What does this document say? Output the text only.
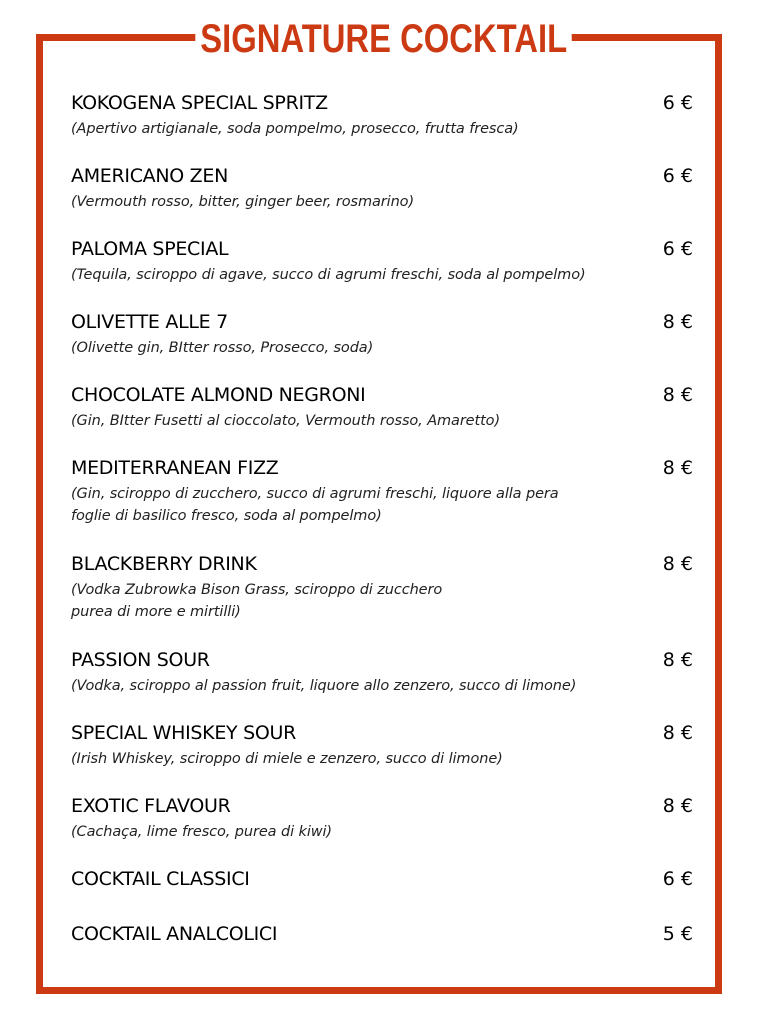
SIGNATURE COCKTAIL
KOKOGENA SPECIAL SPRITZ	6 €
(Apertivo artigianale, soda pompelmo, prosecco, frutta fresca)
AMERICANO ZEN	6 €
(Vermouth rosso, bitter, ginger beer, rosmarino)
PALOMA SPECIAL	6 €
(Tequila, sciroppo di agave, succo di agrumi freschi, soda al pompelmo)
OLIVETTE ALLE 7	8 €
(Olivette gin, BItter rosso, Prosecco, soda)
CHOCOLATE ALMOND NEGRONI	8 €
(Gin, BItter Fusetti al cioccolato, Vermouth rosso, Amaretto)
MEDITERRANEAN FIZZ	8 €
(Gin, sciroppo di zucchero, succo di agrumi freschi, liquore alla pera
foglie di basilico fresco, soda al pompelmo)
BLACKBERRY DRINK	8 €
(Vodka Zubrowka Bison Grass, sciroppo di zucchero
purea di more e mirtilli)
PASSION SOUR	8 €
(Vodka, sciroppo al passion fruit, liquore allo zenzero, succo di limone)
SPECIAL WHISKEY SOUR	8 €
(Irish Whiskey, sciroppo di miele e zenzero, succo di limone)
EXOTIC FLAVOUR	8 €
(Cachaça, lime fresco, purea di kiwi)
COCKTAIL CLASSICI	6 €
COCKTAIL ANALCOLICI	5 €
